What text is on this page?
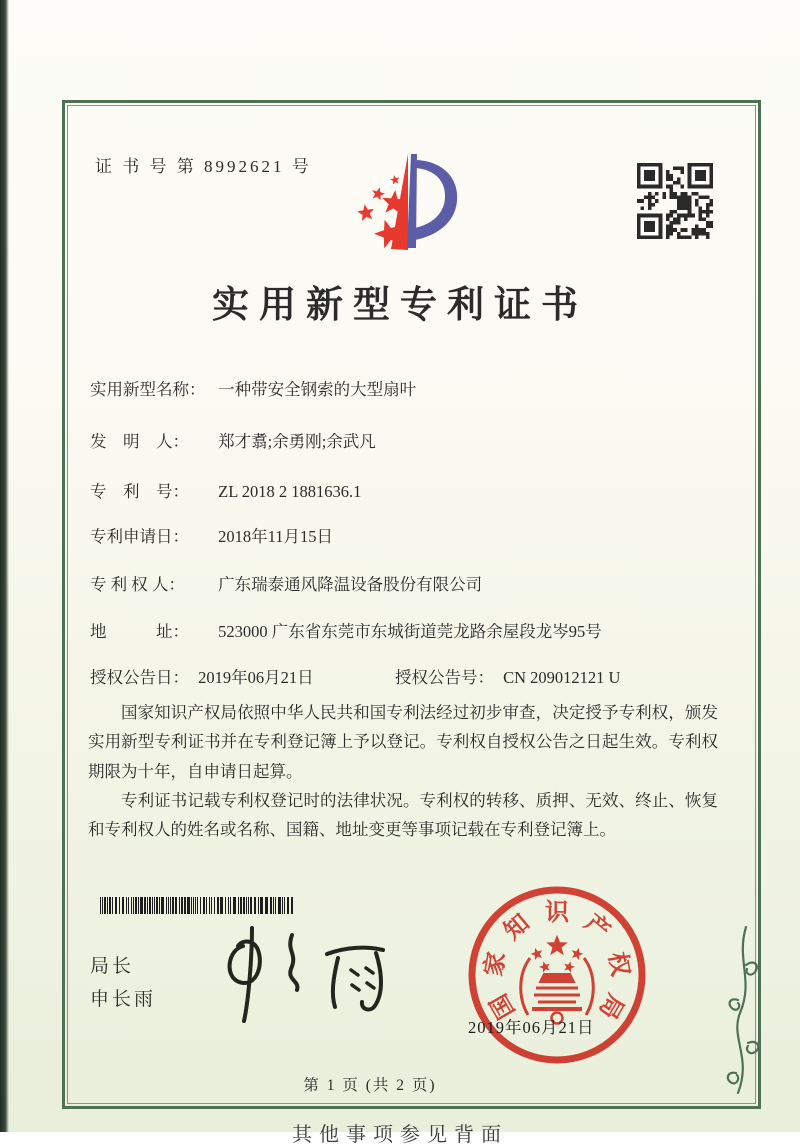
证 书 号 第 8992621 号
实用新型专利证书
实用新型名称： 一种带安全钢索的大型扇叶
发　明　人： 郑才翥;余勇刚;余武凡
专　利　号： ZL 2018 2 1881636.1
专利申请日： 2018年11月15日
专 利 权 人： 广东瑞泰通风降温设备股份有限公司
地　　　址： 523000 广东省东莞市东城街道莞龙路余屋段龙岑95号
授权公告日： 2019年06月21日	授权公告号： CN 209012121 U

国家知识产权局依照中华人民共和国专利法经过初步审查，决定授予专利权，颁发实用新型专利证书并在专利登记簿上予以登记。专利权自授权公告之日起生效。专利权期限为十年，自申请日起算。

专利证书记载专利权登记时的法律状况。专利权的转移、质押、无效、终止、恢复和专利权人的姓名或名称、国籍、地址变更等事项记载在专利登记簿上。

局长
申长雨	国
家
知 识 产
权
局
2019年06月21日
第 1 页 (共 2 页)
其他事项参见背面
